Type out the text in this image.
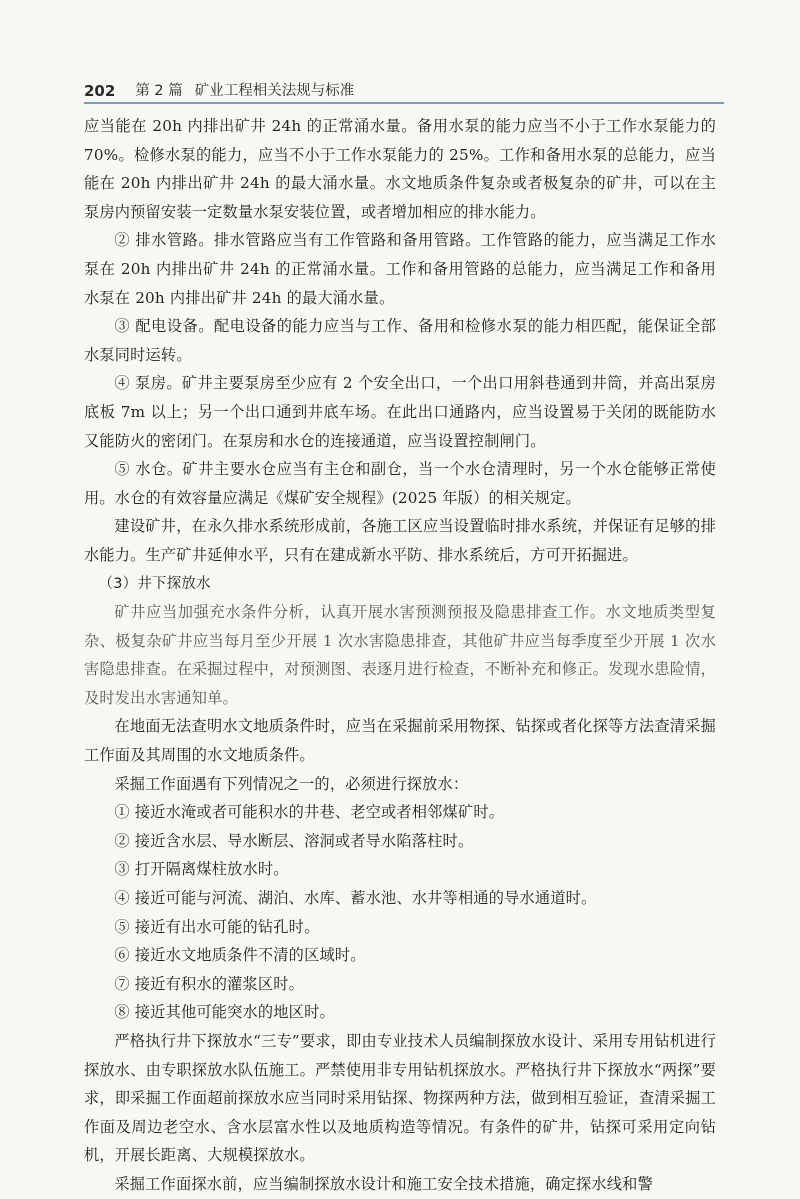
202 第 2 篇 矿业工程相关法规与标准

应当能在 20h 内排出矿井 24h 的正常涌水量。备用水泵的能力应当不小于工作水泵能力的 70%。检修水泵的能力，应当不小于工作水泵能力的 25%。工作和备用水泵的总能力，应当能在 20h 内排出矿井 24h 的最大涌水量。水文地质条件复杂或者极复杂的矿井，可以在主泵房内预留安装一定数量水泵安装位置，或者增加相应的排水能力。

② 排水管路。排水管路应当有工作管路和备用管路。工作管路的能力，应当满足工作水泵在 20h 内排出矿井 24h 的正常涌水量。工作和备用管路的总能力，应当满足工作和备用水泵在 20h 内排出矿井 24h 的最大涌水量。

③ 配电设备。配电设备的能力应当与工作、备用和检修水泵的能力相匹配，能保证全部水泵同时运转。

④ 泵房。矿井主要泵房至少应有 2 个安全出口，一个出口用斜巷通到井筒，并高出泵房底板 7m 以上；另一个出口通到井底车场。在此出口通路内，应当设置易于关闭的既能防水又能防火的密闭门。在泵房和水仓的连接通道，应当设置控制闸门。

⑤ 水仓。矿井主要水仓应当有主仓和副仓，当一个水仓清理时，另一个水仓能够正常使用。水仓的有效容量应满足《煤矿安全规程》(2025 年版）的相关规定。

建设矿井，在永久排水系统形成前，各施工区应当设置临时排水系统，并保证有足够的排水能力。生产矿井延伸水平，只有在建成新水平防、排水系统后，方可开拓掘进。

（3）井下探放水

矿井应当加强充水条件分析，认真开展水害预测预报及隐患排查工作。水文地质类型复杂、极复杂矿井应当每月至少开展 1 次水害隐患排查，其他矿井应当每季度至少开展 1 次水害隐患排查。在采掘过程中，对预测图、表逐月进行检查，不断补充和修正。发现水患险情，及时发出水害通知单。

在地面无法查明水文地质条件时，应当在采掘前采用物探、钻探或者化探等方法查清采掘工作面及其周围的水文地质条件。

采掘工作面遇有下列情况之一的，必须进行探放水：

① 接近水淹或者可能积水的井巷、老空或者相邻煤矿时。

② 接近含水层、导水断层、溶洞或者导水陷落柱时。

③ 打开隔离煤柱放水时。

④ 接近可能与河流、湖泊、水库、蓄水池、水井等相通的导水通道时。

⑤ 接近有出水可能的钻孔时。

⑥ 接近水文地质条件不清的区域时。

⑦ 接近有积水的灌浆区时。

⑧ 接近其他可能突水的地区时。

严格执行井下探放水“三专”要求，即由专业技术人员编制探放水设计、采用专用钻机进行探放水、由专职探放水队伍施工。严禁使用非专用钻机探放水。严格执行井下探放水“两探”要求，即采掘工作面超前探放水应当同时采用钻探、物探两种方法，做到相互验证，查清采掘工作面及周边老空水、含水层富水性以及地质构造等情况。有条件的矿井，钻探可采用定向钻机，开展长距离、大规模探放水。

采掘工作面探水前，应当编制探放水设计和施工安全技术措施，确定探水线和警
